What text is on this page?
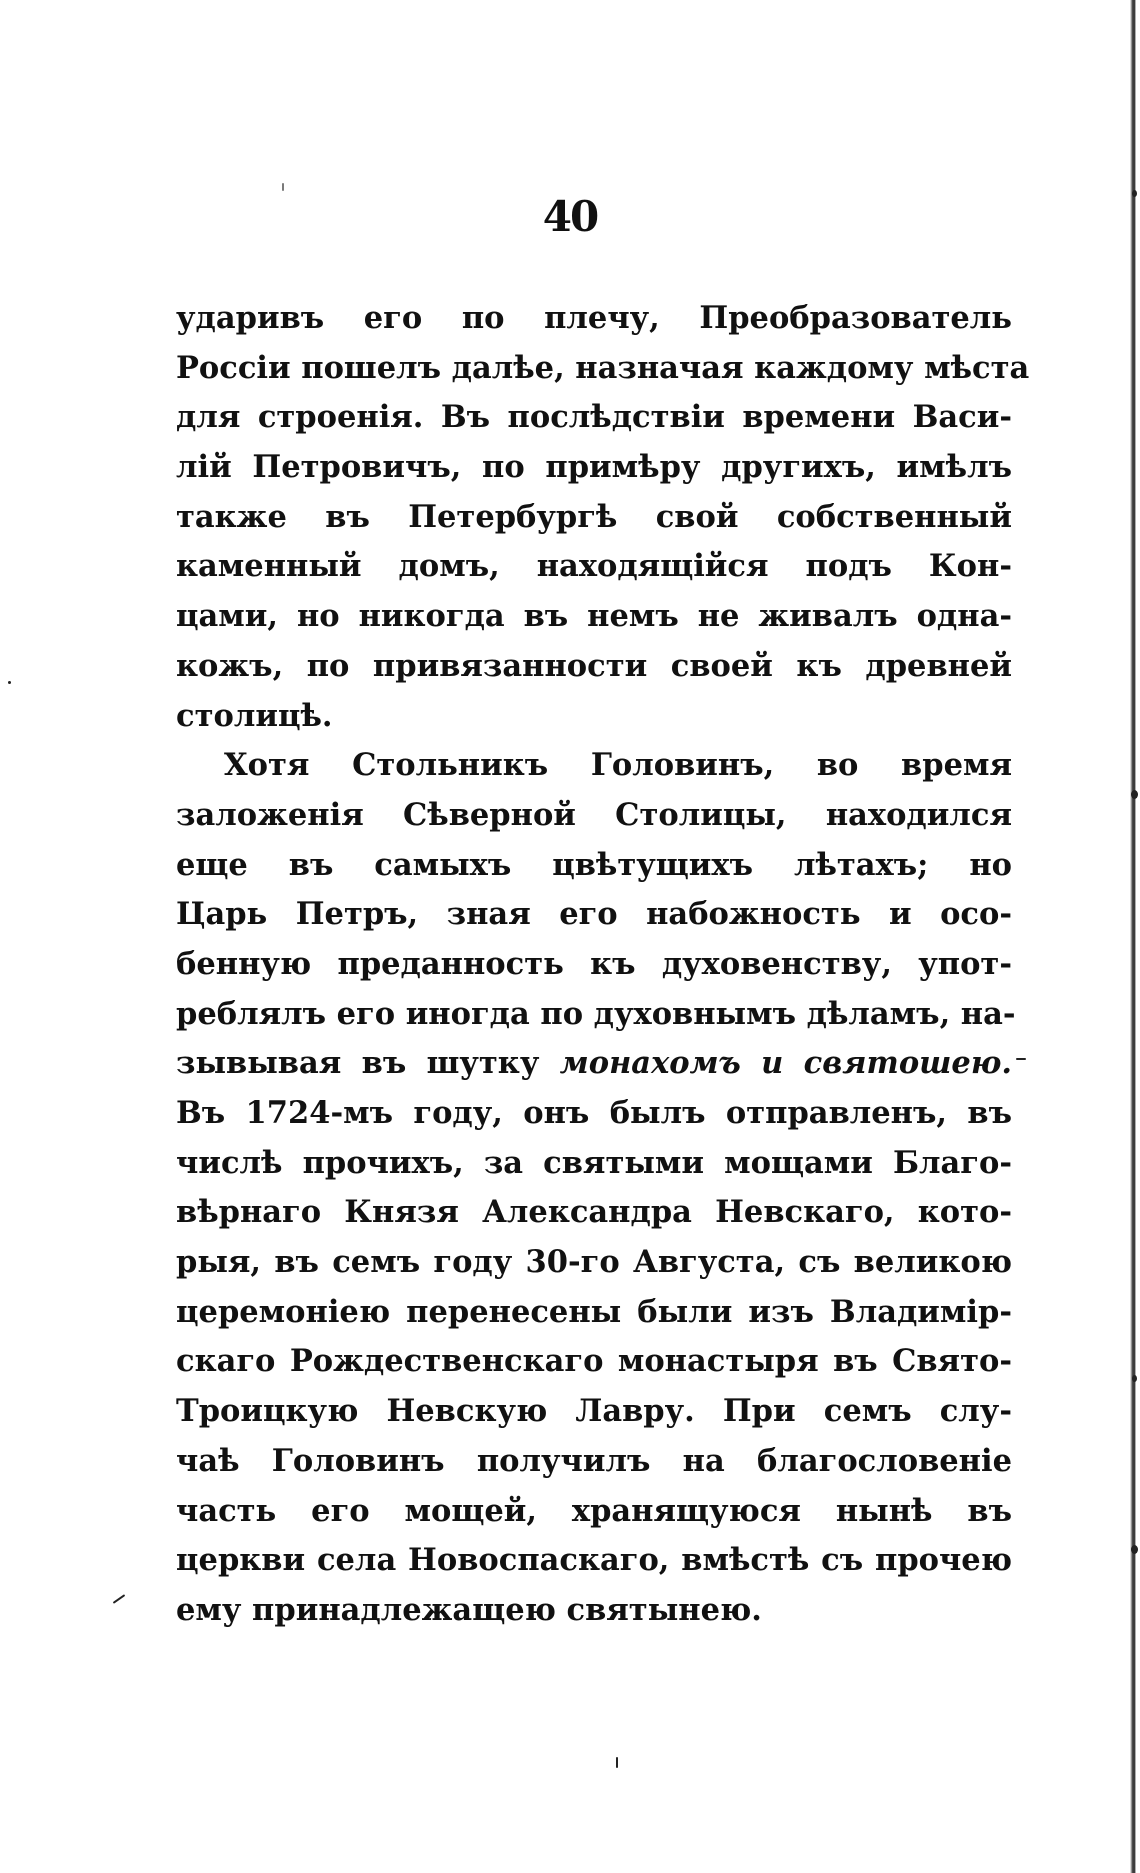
40
ударивъ его по плечу, Преобразователь
Россіи пошелъ далѣе, назначая каждому мѣста
для строенія. Въ послѣдствіи времени Васи-
лій Петровичъ, по примѣру другихъ, имѣлъ
также въ Петербургѣ свой собственный
каменный домъ, находящійся подъ Кон-
цами, но никогда въ немъ не живалъ одна-
кожъ, по привязанности своей къ древней
столицѣ.
Хотя Стольникъ Головинъ, во время
заложенія Сѣверной Столицы, находился
еще въ самыхъ цвѣтущихъ лѣтахъ; но
Царь Петръ, зная его набожность и осо-
бенную преданность къ духовенству, упот-
реблялъ его иногда по духовнымъ дѣламъ, на-
зывывая въ шутку монахомъ и святошею.
Въ 1724-мъ году, онъ былъ отправленъ, въ
числѣ прочихъ, за святыми мощами Благо-
вѣрнаго Князя Александра Невскаго, кото-
рыя, въ семъ году 30-го Августа, съ великою
церемоніею перенесены были изъ Владимір-
скаго Рождественскаго монастыря въ Свято-
Троицкую Невскую Лавру. При семъ слу-
чаѣ Головинъ получилъ на благословеніе
часть его мощей, хранящуюся нынѣ въ
церкви села Новоспаскаго, вмѣстѣ съ прочею
ему принадлежащею святынею.
